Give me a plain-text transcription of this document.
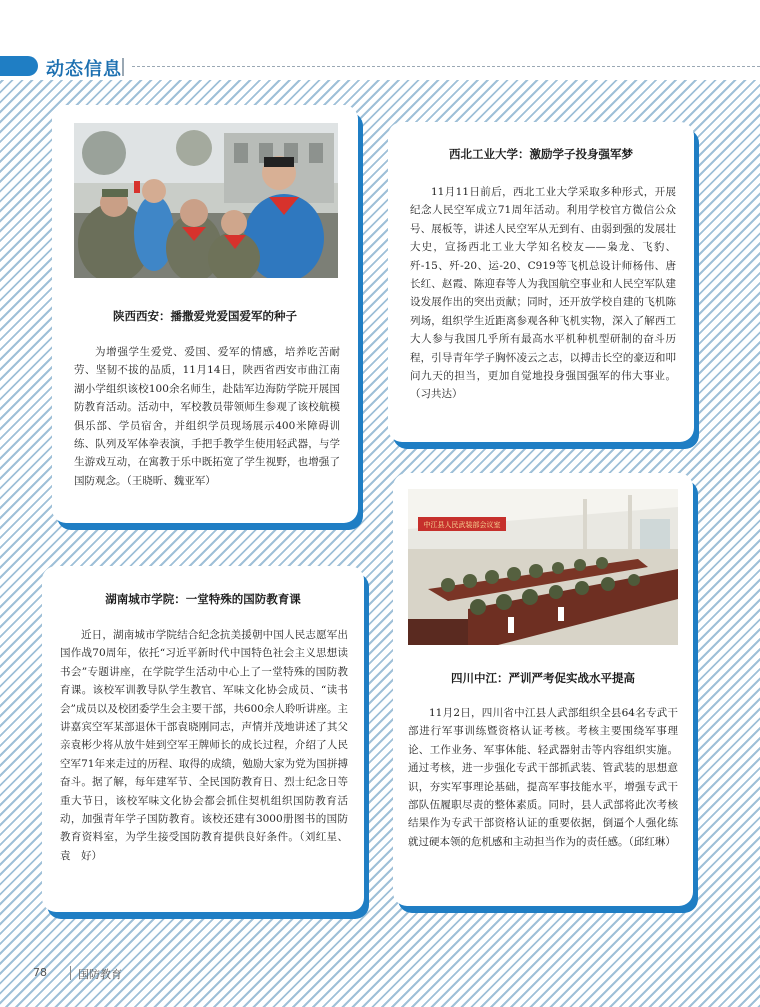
动态信息
陕西西安：播撒爱党爱国爱军的种子

为增强学生爱党、爱国、爱军的情感，培养吃苦耐劳、坚韧不拔的品质，11月14日，陕西省西安市曲江南湖小学组织该校100余名师生，赴陆军边海防学院开展国防教育活动。活动中，军校教员带领师生参观了该校航模俱乐部、学员宿舍，并组织学员现场展示400米障碍训练、队列及军体拳表演，手把手教学生使用轻武器，与学生游戏互动，在寓教于乐中既拓宽了学生视野，也增强了国防观念。（王晓昕、魏亚军）

西北工业大学：激励学子投身强军梦

11月11日前后，西北工业大学采取多种形式，开展纪念人民空军成立71周年活动。利用学校官方微信公众号、展板等，讲述人民空军从无到有、由弱到强的发展壮大史，宣扬西北工业大学知名校友——枭龙、飞豹、歼-15、歼-20、运-20、C919等飞机总设计师杨伟、唐长红、赵霞、陈迎春等人为我国航空事业和人民空军队建设发展作出的突出贡献；同时，还开放学校自建的飞机陈列场，组织学生近距离参观各种飞机实物，深入了解西工大人参与我国几乎所有最高水平机种机型研制的奋斗历程，引导青年学子胸怀凌云之志，以搏击长空的豪迈和叩问九天的担当，更加自觉地投身强国强军的伟大事业。（习共达）

湖南城市学院：一堂特殊的国防教育课

近日，湖南城市学院结合纪念抗美援朝中国人民志愿军出国作战70周年，依托“习近平新时代中国特色社会主义思想读书会”专题讲座，在学院学生活动中心上了一堂特殊的国防教育课。该校军训教导队学生教官、军味文化协会成员、“读书会”成员以及校团委学生会主要干部，共600余人聆听讲座。主讲嘉宾空军某部退休干部袁晓刚同志，声情并茂地讲述了其父亲袁彬少将从放牛娃到空军王牌师长的成长过程，介绍了人民空军71年来走过的历程、取得的成绩，勉励大家为党为国拼搏奋斗。据了解，每年建军节、全民国防教育日、烈士纪念日等重大节日，该校军味文化协会都会抓住契机组织国防教育活动，加强青年学子国防教育。该校还建有3000册图书的国防教育资料室，为学生接受国防教育提供良好条件。（刘红星、袁　好）

中江县人民武装部会议室
四川中江：严训严考促实战水平提高

11月2日，四川省中江县人武部组织全县64名专武干部进行军事训练暨资格认证考核。考核主要围绕军事理论、工作业务、军事体能、轻武器射击等内容组织实施。通过考核，进一步强化专武干部抓武装、管武装的思想意识，夯实军事理论基础，提高军事技能水平，增强专武干部队伍履职尽责的整体素质。同时，县人武部将此次考核结果作为专武干部资格认证的重要依据，倒逼个人强化练就过硬本领的危机感和主动担当作为的责任感。（邱红琳）

78	国防教育
